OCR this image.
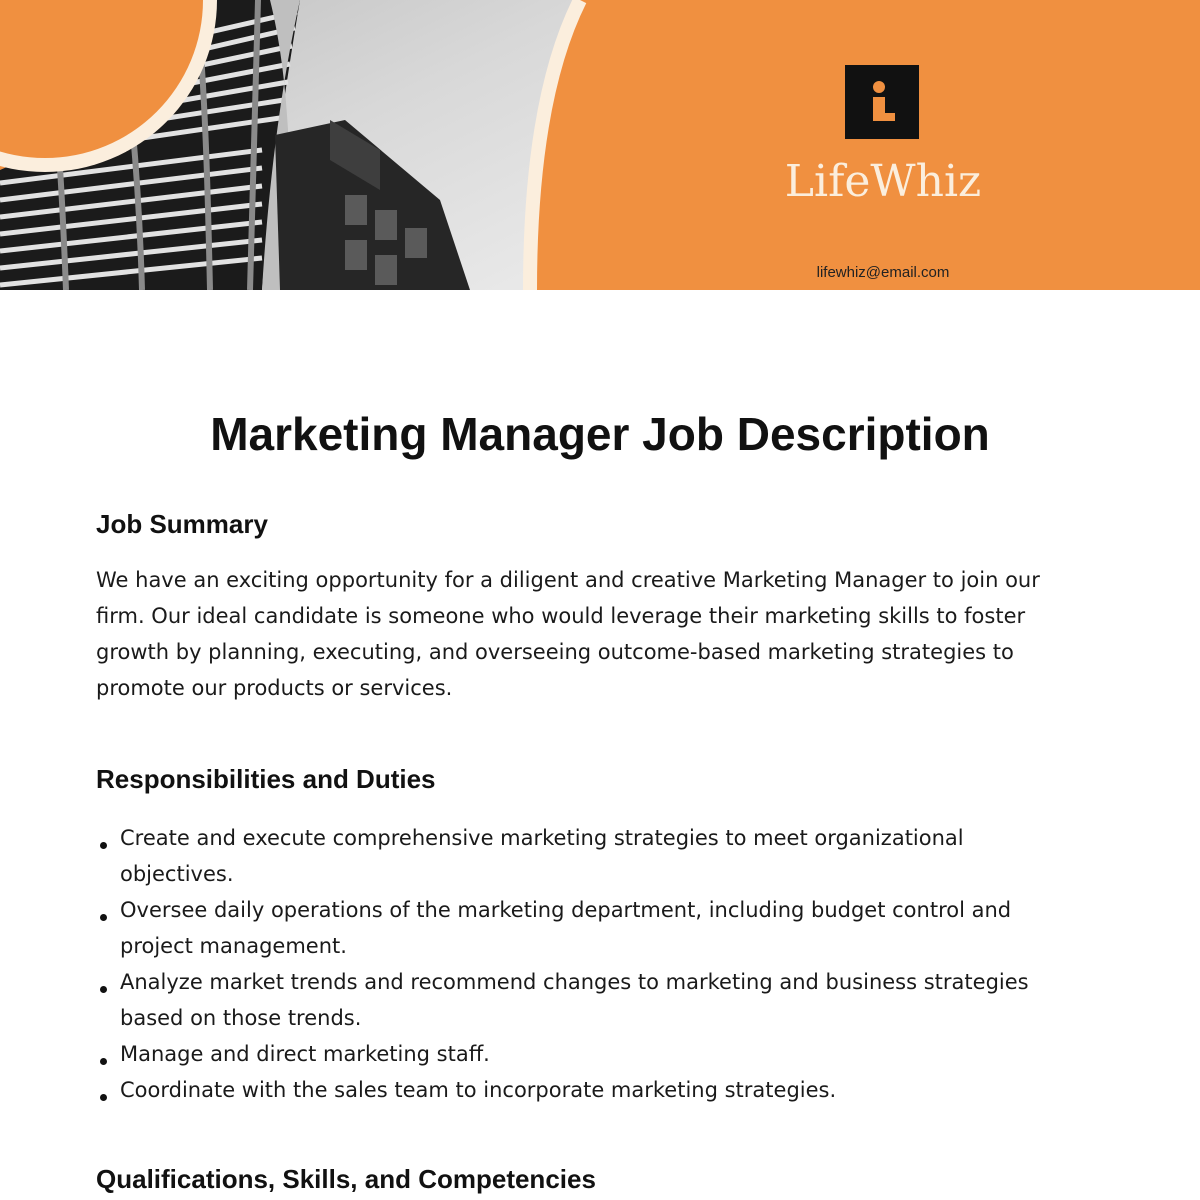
LifeWhiz
lifewhiz@email.com
Marketing Manager Job Description
Job Summary

We have an exciting opportunity for a diligent and creative Marketing Manager to join our firm. Our ideal candidate is someone who would leverage their marketing skills to foster growth by planning, executing, and overseeing outcome-based marketing strategies to promote our products or services.

Responsibilities and Duties
Create and execute comprehensive marketing strategies to meet organizational objectives.
Oversee daily operations of the marketing department, including budget control and project management.
Analyze market trends and recommend changes to marketing and business strategies based on those trends.
Manage and direct marketing staff.
Coordinate with the sales team to incorporate marketing strategies.
Qualifications, Skills, and Competencies
